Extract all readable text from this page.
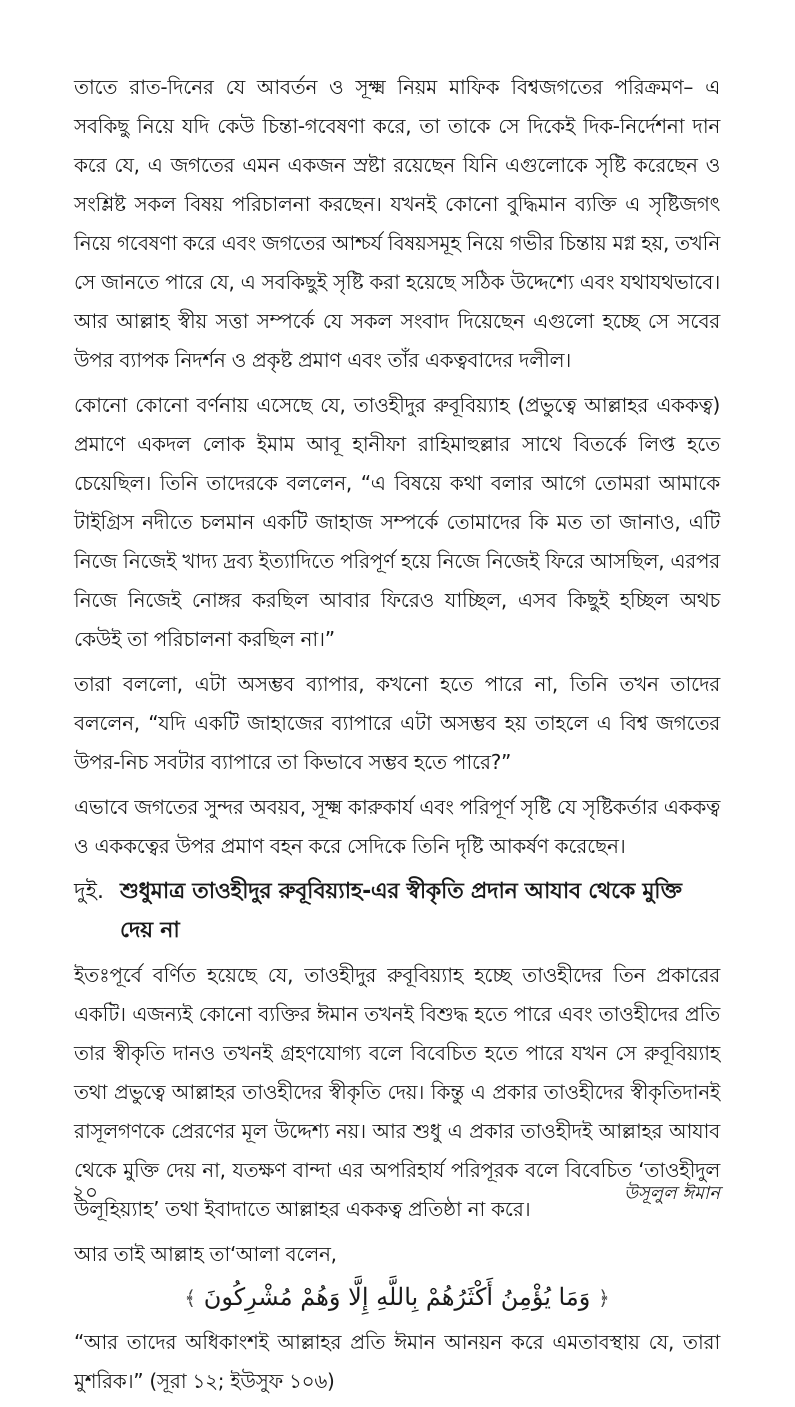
তাতে রাত-দিনের যে আবর্তন ও সূক্ষ্ম নিয়ম মাফিক বিশ্বজগতের পরিক্রমণ– এ সবকিছু নিয়ে যদি কেউ চিন্তা-গবেষণা করে, তা তাকে সে দিকেই দিক-নির্দেশনা দান করে যে, এ জগতের এমন একজন স্রষ্টা রয়েছেন যিনি এগুলোকে সৃষ্টি করেছেন ও সংশ্লিষ্ট সকল বিষয় পরিচালনা করছেন। যখনই কোনো বুদ্ধিমান ব্যক্তি এ সৃষ্টিজগৎ নিয়ে গবেষণা করে এবং জগতের আশ্চর্য বিষয়সমূহ নিয়ে গভীর চিন্তায় মগ্ন হয়, তখনি সে জানতে পারে যে, এ সবকিছুই সৃষ্টি করা হয়েছে সঠিক উদ্দেশ্যে এবং যথাযথভাবে। আর আল্লাহ স্বীয় সত্তা সম্পর্কে যে সকল সংবাদ দিয়েছেন এগুলো হচ্ছে সে সবের উপর ব্যাপক নিদর্শন ও প্রকৃষ্ট প্রমাণ এবং তাঁর একত্ববাদের দলীল।

কোনো কোনো বর্ণনায় এসেছে যে, তাওহীদুর রুবূবিয়্যাহ (প্রভুত্বে আল্লাহর এককত্ব) প্রমাণে একদল লোক ইমাম আবূ হানীফা রাহিমাহুল্লার সাথে বিতর্কে লিপ্ত হতে চেয়েছিল। তিনি তাদেরকে বললেন, “এ বিষয়ে কথা বলার আগে তোমরা আমাকে টাইগ্রিস নদীতে চলমান একটি জাহাজ সম্পর্কে তোমাদের কি মত তা জানাও, এটি নিজে নিজেই খাদ্য দ্রব্য ইত্যাদিতে পরিপূর্ণ হয়ে নিজে নিজেই ফিরে আসছিল, এরপর নিজে নিজেই নোঙ্গর করছিল আবার ফিরেও যাচ্ছিল, এসব কিছুই হচ্ছিল অথচ কেউই তা পরিচালনা করছিল না।”

তারা বললো, এটা অসম্ভব ব্যাপার, কখনো হতে পারে না, তিনি তখন তাদের বললেন, “যদি একটি জাহাজের ব্যাপারে এটা অসম্ভব হয় তাহলে এ বিশ্ব জগতের উপর-নিচ সবটার ব্যাপারে তা কিভাবে সম্ভব হতে পারে?”

এভাবে জগতের সুন্দর অবয়ব, সূক্ষ্ম কারুকার্য এবং পরিপূর্ণ সৃষ্টি যে সৃষ্টিকর্তার এককত্ব ও এককত্বের উপর প্রমাণ বহন করে সেদিকে তিনি দৃষ্টি আকর্ষণ করেছেন।

দুই. শুধুমাত্র তাওহীদুর রুবূবিয়্যাহ-এর স্বীকৃতি প্রদান আযাব থেকে মুক্তি দেয় না

ইতঃপূর্বে বর্ণিত হয়েছে যে, তাওহীদুর রুবূবিয়্যাহ হচ্ছে তাওহীদের তিন প্রকারের একটি। এজন্যই কোনো ব্যক্তির ঈমান তখনই বিশুদ্ধ হতে পারে এবং তাওহীদের প্রতি তার স্বীকৃতি দানও তখনই গ্রহণযোগ্য বলে বিবেচিত হতে পারে যখন সে রুবূবিয়্যাহ তথা প্রভুত্বে আল্লাহর তাওহীদের স্বীকৃতি দেয়। কিন্তু এ প্রকার তাওহীদের স্বীকৃতিদানই রাসূলগণকে প্রেরণের মূল উদ্দেশ্য নয়। আর শুধু এ প্রকার তাওহীদই আল্লাহর আযাব থেকে মুক্তি দেয় না, যতক্ষণ বান্দা এর অপরিহার্য পরিপূরক বলে বিবেচিত ‘তাওহীদুল উলূহিয়্যাহ’ তথা ইবাদাতে আল্লাহর এককত্ব প্রতিষ্ঠা না করে।

আর তাই আল্লাহ তা‘আলা বলেন,

﴿ وَمَا يُؤْمِنُ أَكْثَرُهُمْ بِاللَّهِ إِلَّا وَهُمْ مُشْرِكُونَ ﴾

“আর তাদের অধিকাংশই আল্লাহর প্রতি ঈমান আনয়ন করে এমতাবস্থায় যে, তারা মুশরিক।” (সূরা ১২; ইউসুফ ১০৬)

২০	উসূলুল ঈমান
